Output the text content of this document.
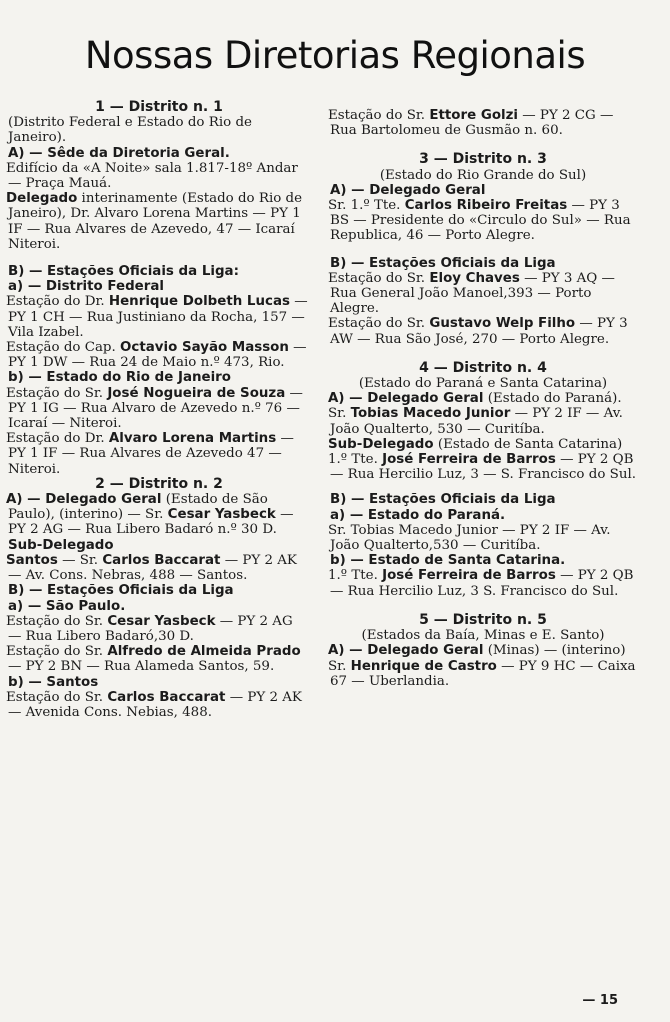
Nossas Diretorias Regionais

1 — Distrito n. 1

(Distrito Federal e Estado do Rio de Janeiro).

A) — Sêde da Diretoria Geral.

Edifício da «A Noite» sala 1.817-18º Andar — Praça Mauá.

Delegado interinamente (Estado do Rio de Janeiro), Dr. Alvaro Lorena Martins — PY 1 IF — Rua Alvares de Azevedo, 47 — Icaraí Niteroi.

B) — Estações Oficiais da Liga:

a) — Distrito Federal

Estação do Dr. Henrique Dolbeth Lucas — PY 1 CH — Rua Justiniano da Rocha, 157 — Vila Izabel.

Estação do Cap. Octavio Sayão Masson — PY 1 DW — Rua 24 de Maio n.º 473, Rio.

b) — Estado do Rio de Janeiro

Estação do Sr. José Nogueira de Souza — PY 1 IG — Rua Alvaro de Azevedo n.º 76 — Icaraí — Niteroi.

Estação do Dr. Alvaro Lorena Martins — PY 1 IF — Rua Alvares de Azevedo 47 — Niteroi.

2 — Distrito n. 2

A) — Delegado Geral (Estado de São Paulo), (interino) — Sr. Cesar Yasbeck — PY 2 AG — Rua Libero Badaró n.º 30 D.

Sub-Delegado

Santos — Sr. Carlos Baccarat — PY 2 AK — Av. Cons. Nebras, 488 — Santos.

B) — Estações Oficiais da Liga

a) — São Paulo.

Estação do Sr. Cesar Yasbeck — PY 2 AG — Rua Libero Badaró,30 D.

Estação do Sr. Alfredo de Almeida Prado — PY 2 BN — Rua Alameda Santos, 59.

b) — Santos

Estação do Sr. Carlos Baccarat — PY 2 AK — Avenida Cons. Nebias, 488.

Estação do Sr. Ettore Golzi — PY 2 CG — Rua Bartolomeu de Gusmão n. 60.

3 — Distrito n. 3

(Estado do Rio Grande do Sul)

A) — Delegado Geral

Sr. 1.º Tte. Carlos Ribeiro Freitas — PY 3 BS — Presidente do «Circulo do Sul» — Rua Republica, 46 — Porto Alegre.

B) — Estações Oficiais da Liga

Estação do Sr. Eloy Chaves — PY 3 AQ — Rua General João Manoel,393 — Porto Alegre.

Estação do Sr. Gustavo Welp Filho — PY 3 AW — Rua São José, 270 — Porto Alegre.

4 — Distrito n. 4

(Estado do Paraná e Santa Catarina)

A) — Delegado Geral (Estado do Paraná).

Sr. Tobias Macedo Junior — PY 2 IF — Av. João Qualterto, 530 — Curitíba.

Sub-Delegado (Estado de Santa Catarina)

1.º Tte. José Ferreira de Barros — PY 2 QB — Rua Hercilio Luz, 3 — S. Francisco do Sul.

B) — Estações Oficiais da Liga

a) — Estado do Paraná.

Sr. Tobias Macedo Junior — PY 2 IF — Av. João Qualterto,530 — Curitíba.

b) — Estado de Santa Catarina.

1.º Tte. José Ferreira de Barros — PY 2 QB — Rua Hercilio Luz, 3 S. Francisco do Sul.

5 — Distrito n. 5

(Estados da Baía, Minas e E. Santo)

A) — Delegado Geral (Minas) — (interino)

Sr. Henrique de Castro — PY 9 HC — Caixa 67 — Uberlandia.

— 15
